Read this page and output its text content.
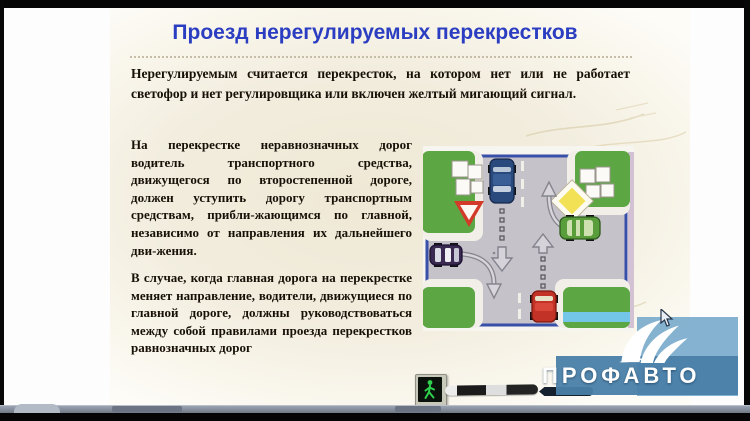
Проезд нерегулируемых перекрестков
Нерегулируемым считается перекресток, на котором нет или не работает светофор и нет регулировщика или включен желтый мигающий сигнал.
На перекрестке неравнозначных дорог водитель транспортного средства, движущегося по второстепенной дороге, должен уступить дорогу транспортным средствам, прибли-жающимся по главной, независимо от направления их дальнейшего дви-жения.
В случае, когда главная дорога на перекрестке меняет направление, водители, движущиеся по главной дороге, должны руководствоваться между собой правилами проезда перекрестков равнозначных дорог
ПРОФАВТО
